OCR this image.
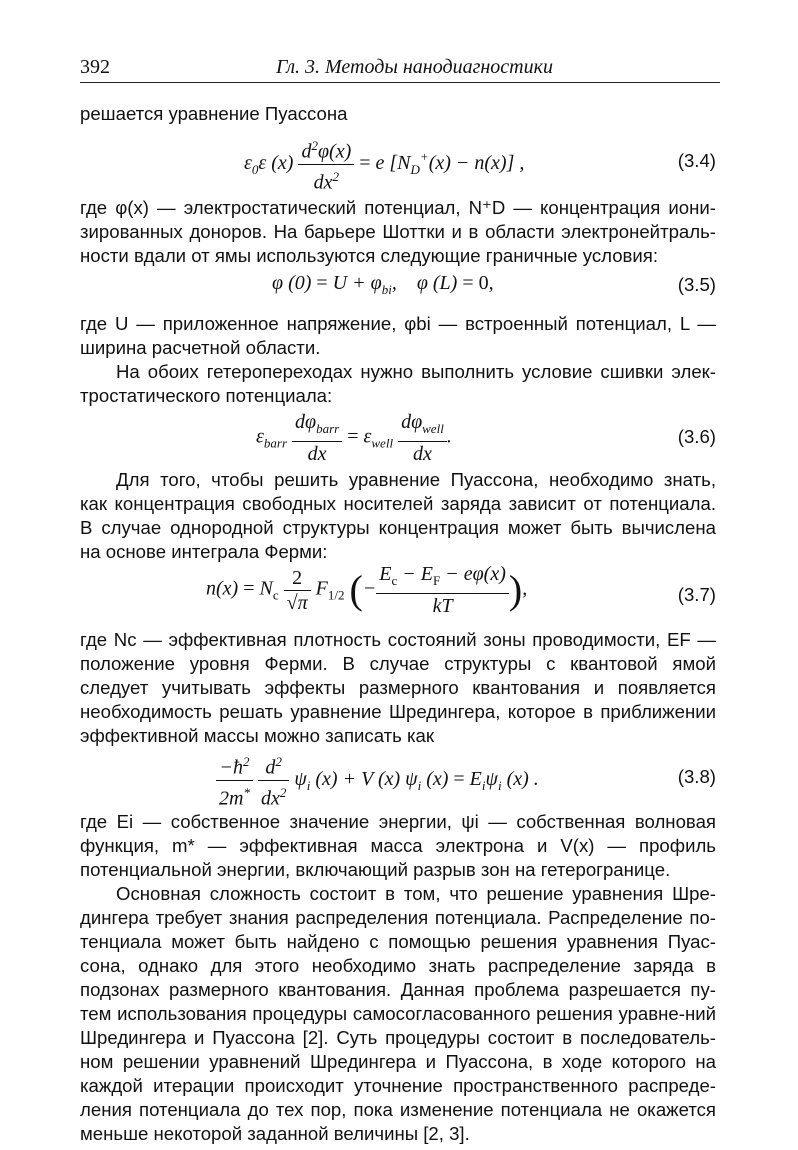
392	Гл. 3. Методы нанодиагностики
решается уравнение Пуассона
$\varepsilon_0\varepsilon$ $(x) \frac{d^2\varphi(x)}{dx^2} = e$ $[N_D^+(x) - n(x)]$ ,	(3.4)
где φ(x) — электростатический потенциал, N⁺D — концентрация иони-
зированных доноров. На барьере Шоттки и в области электронейтраль-
ности вдали от ямы используются следующие граничные условия:
φ $(0) = U + \varphi_{bi}$,    φ (L) = 0,	(3.5)
где U — приложенное напряжение, φbi — встроенный потенциал, L —
ширина расчетной области.
На обоих гетеропереходах нужно выполнить условие сшивки элек-
тростатического потенциала:
$\varepsilon_{barr} \frac{d\varphi_{barr}}{dx} = \varepsilon_{well} \frac{d\varphi_{well}}{dx}$ .	(3.6)
Для того, чтобы решить уравнение Пуассона, необходимо знать,
как концентрация свободных носителей заряда зависит от потенциала.
В случае однородной структуры концентрация может быть вычислена
на основе интеграла Ферми:
$n(x) = N_c \frac{2}{√\pi} F_{1/2}$ (− $\frac{E_c - E_F - e\varphi(x)}{kT}$ ),	(3.7)
где Nc — эффективная плотность состояний зоны проводимости, EF —
положение уровня Ферми. В случае структуры с квантовой ямой
следует учитывать эффекты размерного квантования и появляется
необходимость решать уравнение Шредингера, которое в приближении
эффективной массы можно записать как
$\frac{-ħ^2}{2m^*}$
$\frac{d^2}{dx^2} \psi_i$ (x) + V (x) $\psi_i$ $(x) = E_i\psi_i$ (x) .	(3.8)
где Ei — собственное значение энергии, ψi — собственная волновая
функция, m* — эффективная масса электрона и V(x) — профиль
потенциальной энергии, включающий разрыв зон на гетерогранице.
Основная сложность состоит в том, что решение уравнения Шре-
дингера требует знания распределения потенциала. Распределение по-
тенциала может быть найдено с помощью решения уравнения Пуас-
сона, однако для этого необходимо знать распределение заряда в
подзонах размерного квантования. Данная проблема разрешается пу-
тем использования процедуры самосогласованного решения уравне-ний
Шредингера и Пуассона [2]. Суть процедуры состоит в последователь-
ном решении уравнений Шредингера и Пуассона, в ходе которого на
каждой итерации происходит уточнение пространственного распреде-
ления потенциала до тех пор, пока изменение потенциала не окажется
меньше некоторой заданной величины [2, 3].
